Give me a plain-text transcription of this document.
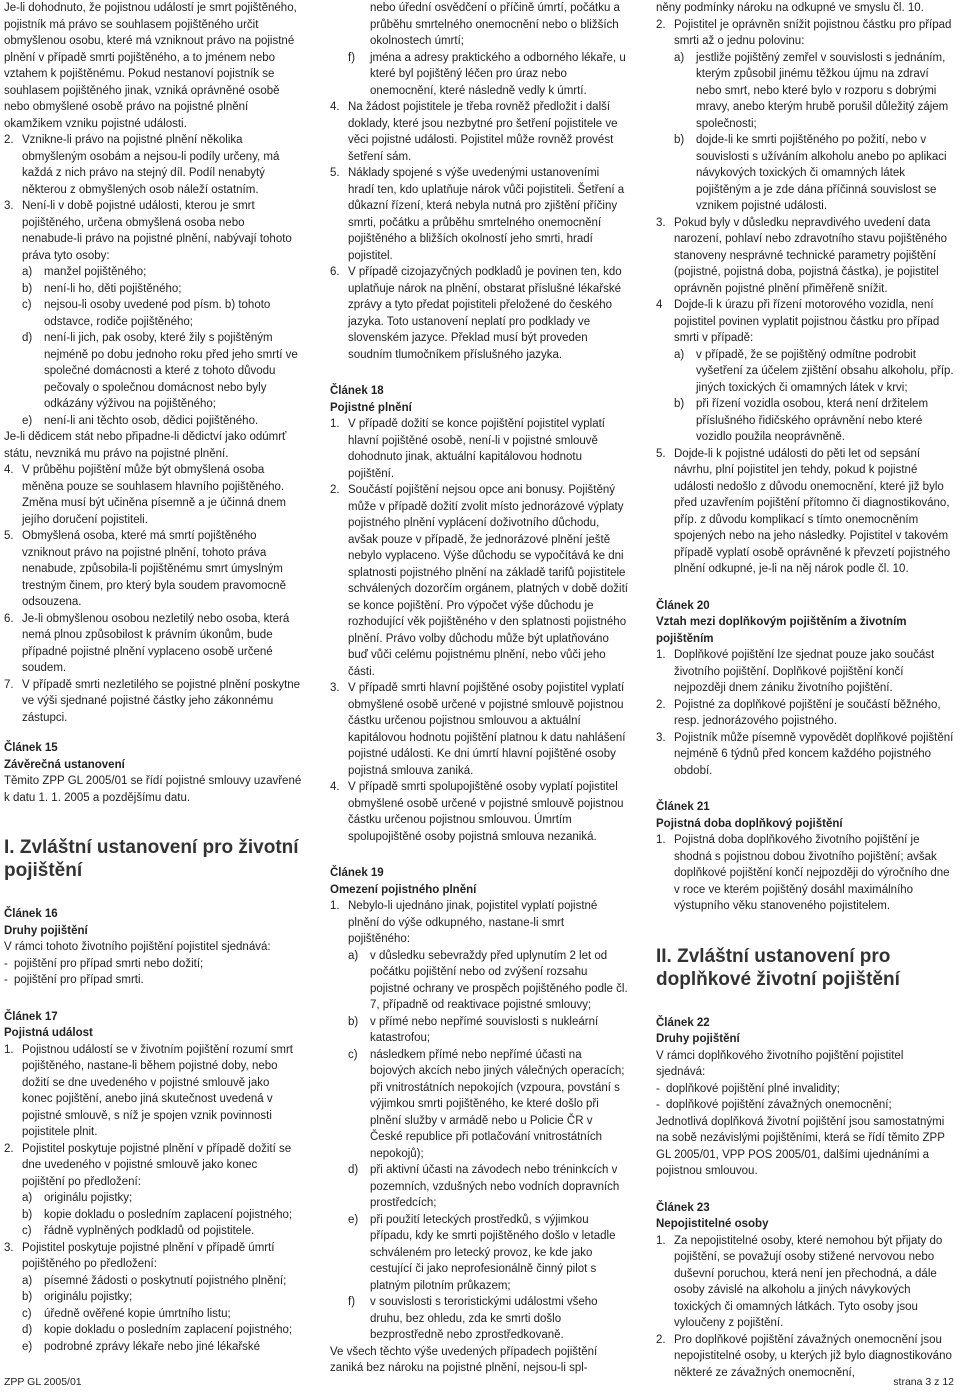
Je-li dohodnuto, že pojistnou událostí je smrt pojištěného, pojistník má právo se souhlasem pojištěného určit obmyšlenou osobu, které má vzniknout právo na pojistné plnění v případě smrti pojištěného, a to jménem nebo vztahem k pojištěnému. Pokud nestanoví pojistník se souhlasem pojištěného jinak, vzniká oprávněné osobě nebo obmyšlené osobě právo na pojistné plnění okamžikem vzniku pojistné události.

2. Vznikne-li právo na pojistné plnění několika obmyšleným osobám a nejsou-li podíly určeny, má každá z nich právo na stejný díl. Podíl nenabytý některou z obmyšlených osob náleží ostatním.
3. Není-li v době pojistné události, kterou je smrt pojištěného, určena obmyšlená osoba nebo nenabude-li právo na pojistné plnění, nabývají tohoto práva tyto osoby:
a) manžel pojištěného;
b) není-li ho, děti pojištěného;
c) nejsou-li osoby uvedené pod písm. b) tohoto odstavce, rodiče pojištěného;
d) není-li jich, pak osoby, které žily s pojištěným nejméně po dobu jednoho roku před jeho smrtí ve společné domácnosti a které z tohoto důvodu pečovaly o společnou domácnost nebo byly odkázány výživou na pojištěného;
e) není-li ani těchto osob, dědici pojištěného.

Je-li dědicem stát nebo připadne-li dědictví jako odúmrť státu, nevzniká mu právo na pojistné plnění.

4. V průběhu pojištění může být obmyšlená osoba měněna pouze se souhlasem hlavního pojištěného. Změna musí být učiněna písemně a je účinná dnem jejího doručení pojistiteli.
5. Obmyšlená osoba, které má smrtí pojištěného vzniknout právo na pojistné plnění, tohoto práva nenabude, způsobila-li pojištěnému smrt úmyslným trestným činem, pro který byla soudem pravomocně odsouzena.
6. Je-li obmyšlenou osobou nezletilý nebo osoba, která nemá plnou způsobilost k právním úkonům, bude případné pojistné plnění vyplaceno osobě určené soudem.
7. V případě smrti nezletilého se pojistné plnění poskytne ve výši sjednané pojistné částky jeho zákonnému zástupci.

Článek 15

Závěrečná ustanovení

Těmito ZPP GL 2005/01 se řídí pojistné smlouvy uzavřené k datu 1. 1. 2005 a pozdějšímu datu.

I. Zvláštní ustanovení pro životní pojištění

Článek 16

Druhy pojištění

V rámci tohoto životního pojištění pojistitel sjednává:

- pojištění pro případ smrti nebo dožití;
- pojištění pro případ smrti.

Článek 17

Pojistná událost

1. Pojistnou událostí se v životním pojištění rozumí smrt pojištěného, nastane-li během pojistné doby, nebo dožití se dne uvedeného v pojistné smlouvě jako konec pojištění, anebo jiná skutečnost uvedená v pojistné smlouvě, s níž je spojen vznik povinnosti pojistitele plnit.
2. Pojistitel poskytuje pojistné plnění v případě dožití se dne uvedeného v pojistné smlouvě jako konec pojištění po předložení:
a) originálu pojistky;
b) kopie dokladu o posledním zaplacení pojistného;
c) řádně vyplněných podkladů od pojistitele.
3. Pojistitel poskytuje pojistné plnění v případě úmrtí pojištěného po předložení:
a) písemné žádosti o poskytnutí pojistného plnění;
b) originálu pojistky;
c) úředně ověřené kopie úmrtního listu;
d) kopie dokladu o posledním zaplacení pojistného;
e) podrobné zprávy lékaře nebo jiné lékařské
nebo úřední osvědčení o příčině úmrtí, počátku a průběhu smrtelného onemocnění nebo o bližších okolnostech úmrtí;
f) jména a adresy praktického a odborného lékaře, u které byl pojištěný léčen pro úraz nebo onemocnění, které následně vedly k úmrtí.
4. Na žádost pojistitele je třeba rovněž předložit i další doklady, které jsou nezbytné pro šetření pojistitele ve věci pojistné události. Pojistitel může rovněž provést šetření sám.
5. Náklady spojené s výše uvedenými ustanoveními hradí ten, kdo uplatňuje nárok vůči pojistiteli. Šetření a důkazní řízení, která nebyla nutná pro zjištění příčiny smrti, počátku a průběhu smrtelného onemocnění pojištěného a bližších okolností jeho smrti, hradí pojistitel.
6. V případě cizojazyčných podkladů je povinen ten, kdo uplatňuje nárok na plnění, obstarat příslušné lékařské zprávy a tyto předat pojistiteli přeložené do českého jazyka. Toto ustanovení neplatí pro podklady ve slovenském jazyce. Překlad musí být proveden soudním tlumočníkem příslušného jazyka.

Článek 18

Pojistné plnění

1. V případě dožití se konce pojištění pojistitel vyplatí hlavní pojištěné osobě, není-li v pojistné smlouvě dohodnuto jinak, aktuální kapitálovou hodnotu pojištění.
2. Součástí pojištění nejsou opce ani bonusy. Pojištěný může v případě dožití zvolit místo jednorázové výplaty pojistného plnění vyplácení doživotního důchodu, avšak pouze v případě, že jednorázové plnění ještě nebylo vyplaceno. Výše důchodu se vypočítává ke dni splatnosti pojistného plnění na základě tarifů pojistitele schválených dozorčím orgánem, platných v době dožití se konce pojištění. Pro výpočet výše důchodu je rozhodující věk pojištěného v den splatnosti pojistného plnění. Právo volby důchodu může být uplatňováno buď vůči celému pojistnému plnění, nebo vůči jeho části.
3. V případě smrti hlavní pojištěné osoby pojistitel vyplatí obmyšlené osobě určené v pojistné smlouvě pojistnou částku určenou pojistnou smlouvou a aktuální kapitálovou hodnotu pojištění platnou k datu nahlášení pojistné události. Ke dni úmrtí hlavní pojištěné osoby pojistná smlouva zaniká.
4. V případě smrti spolupojištěné osoby vyplatí pojistitel obmyšlené osobě určené v pojistné smlouvě pojistnou částku určenou pojistnou smlouvou. Úmrtím spolupojištěné osoby pojistná smlouva nezaniká.

Článek 19

Omezení pojistného plnění

1. Nebylo-li ujednáno jinak, pojistitel vyplatí pojistné plnění do výše odkupného, nastane-li smrt pojištěného:
a) v důsledku sebevraždy před uplynutím 2 let od počátku pojištění nebo od zvýšení rozsahu pojistné ochrany ve prospěch pojištěného podle čl. 7, případně od reaktivace pojistné smlouvy;
b) v přímé nebo nepřímé souvislosti s nukleární katastrofou;
c) následkem přímé nebo nepřímé účasti na bojových akcích nebo jiných válečných operacích; při vnitrostátních nepokojích (vzpoura, povstání s výjimkou smrti pojištěného, ke které došlo při plnění služby v armádě nebo u Policie ČR v České republice při potlačování vnitrostátních nepokojů);
d) při aktivní účasti na závodech nebo tréninkcích v pozemních, vzdušných nebo vodních dopravních prostředcích;
e) při použití leteckých prostředků, s výjimkou případu, kdy ke smrti pojištěného došlo v letadle schváleném pro letecký provoz, ke kde jako cestující či jako neprofesionálně činný pilot s platným pilotním průkazem;
f) v souvislosti s teroristickými událostmi všeho druhu, bez ohledu, zda ke smrti došlo bezprostředně nebo zprostředkovaně.

Ve všech těchto výše uvedených případech pojištění zaniká bez nároku na pojistné plnění, nejsou-li spl-

něny podmínky nároku na odkupné ve smyslu čl. 10.

2. Pojistitel je oprávněn snížit pojistnou částku pro případ smrti až o jednu polovinu:
a) jestliže pojištěný zemřel v souvislosti s jednáním, kterým způsobil jinému těžkou újmu na zdraví nebo smrt, nebo které bylo v rozporu s dobrými mravy, anebo kterým hrubě porušil důležitý zájem společnosti;
b) dojde-li ke smrti pojištěného po požití, nebo v souvislosti s užíváním alkoholu anebo po aplikaci návykových toxických či omamných látek pojištěným a je zde dána příčinná souvislost se vznikem pojistné události.
3. Pokud byly v důsledku nepravdivého uvedení data narození, pohlaví nebo zdravotního stavu pojištěného stanoveny nesprávné technické parametry pojištění (pojistné, pojistná doba, pojistná částka), je pojistitel oprávněn pojistné plnění přiměřeně snížit.
4 Dojde-li k úrazu při řízení motorového vozidla, není pojistitel povinen vyplatit pojistnou částku pro případ smrti v případě:
a) v případě, že se pojištěný odmítne podrobit vyšetření za účelem zjištění obsahu alkoholu, příp. jiných toxických či omamných látek v krvi;
b) při řízení vozidla osobou, která není držitelem příslušného řidičského oprávnění nebo které vozidlo použila neoprávněně.
5. Dojde-li k pojistné události do pěti let od sepsání návrhu, plní pojistitel jen tehdy, pokud k pojistné události nedošlo z důvodu onemocnění, které již bylo před uzavřením pojištění přítomno či diagnostikováno, příp. z důvodu komplikací s tímto onemocněním spojených nebo na jeho následky. Pojistitel v takovém případě vyplatí osobě oprávněné k převzetí pojistného plnění odkupné, je-li na něj nárok podle čl. 10.

Článek 20

Vztah mezi doplňkovým pojištěním a životním pojištěním

1. Doplňkové pojištění lze sjednat pouze jako součást životního pojištění. Doplňkové pojištění končí nejpozději dnem zániku životního pojištění.
2. Pojistné za doplňkové pojištění je součástí běžného, resp. jednorázového pojistného.
3. Pojistník může písemně vypovědět doplňkové pojištění nejméně 6 týdnů před koncem každého pojistného období.

Článek 21

Pojistná doba doplňkový pojištění

1. Pojistná doba doplňkového životního pojištění je shodná s pojistnou dobou životního pojištění; avšak doplňkové pojištění končí nejpozději do výročního dne v roce ve kterém pojištěný dosáhl maximálního výstupního věku stanoveného pojistitelem.
II. Zvláštní ustanovení pro doplňkové životní pojištění

Článek 22

Druhy pojištění

V rámci doplňkového životního pojištění pojistitel sjednává:

- doplňkové pojištění plné invalidity;
- doplňkové pojištění závažných onemocnění;

Jednotlivá doplňková životní pojištění jsou samostatnými na sobě nezávislými pojištěními, která se řídí těmito ZPP GL 2005/01, VPP POS 2005/01, dalšími ujednáními a pojistnou smlouvou.

Článek 23

Nepojistitelné osoby

1. Za nepojistitelné osoby, které nemohou být přijaty do pojištění, se považují osoby stižené nervovou nebo duševní poruchou, která není jen přechodná, a dále osoby závislé na alkoholu a jiných návykových toxických či omamných látkách. Tyto osoby jsou vyloučeny z pojištění.
2. Pro doplňkové pojištění závažných onemocnění jsou nepojistitelné osoby, u kterých již bylo diagnostikováno některé ze závažných onemocnění,
ZPP GL 2005/01	strana 3 z 12
